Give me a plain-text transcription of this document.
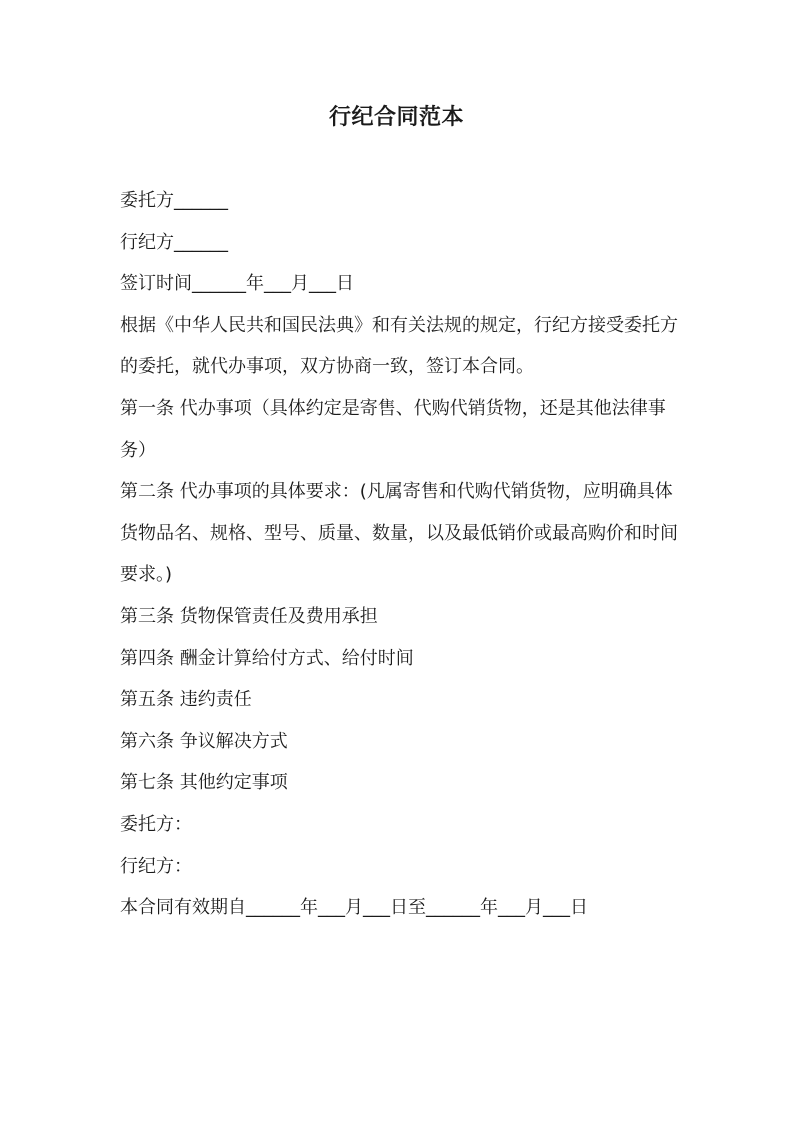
行纪合同范本

委托方______

行纪方______

签订时间______年___月___日

根据《中华人民共和国民法典》和有关法规的规定，行纪方接受委托方的委托，就代办事项，双方协商一致，签订本合同。

第一条 代办事项（具体约定是寄售、代购代销货物，还是其他法律事务）

第二条 代办事项的具体要求：(凡属寄售和代购代销货物，应明确具体货物品名、规格、型号、质量、数量，以及最低销价或最高购价和时间要求。)

第三条 货物保管责任及费用承担

第四条 酬金计算给付方式、给付时间

第五条 违约责任

第六条 争议解决方式

第七条 其他约定事项

委托方：

行纪方：

本合同有效期自______年___月___日至______年___月___日
